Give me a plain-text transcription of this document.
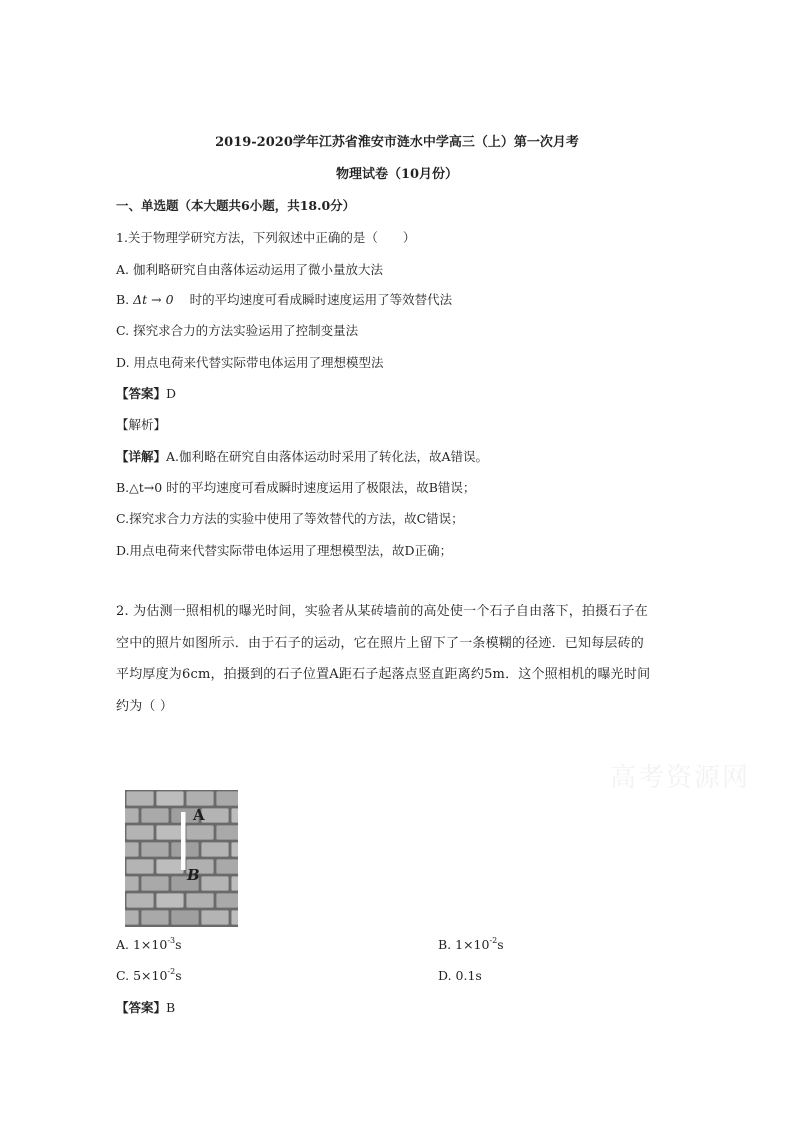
2019-2020学年江苏省淮安市涟水中学高三（上）第一次月考
物理试卷（10月份）
一、单选题（本大题共6小题，共18.0分）
1.关于物理学研究方法，下列叙述中正确的是（　　）
A. 伽利略研究自由落体运动运用了微小量放大法
B. Δt → 0 时的平均速度可看成瞬时速度运用了等效替代法
C. 探究求合力的方法实验运用了控制变量法
D. 用点电荷来代替实际带电体运用了理想模型法
【答案】D
【解析】
【详解】A.伽利略在研究自由落体运动时采用了转化法，故A错误。
B.△t→0 时的平均速度可看成瞬时速度运用了极限法，故B错误；
C.探究求合力方法的实验中使用了等效替代的方法，故C错误；
D.用点电荷来代替实际带电体运用了理想模型法，故D正确；
2. 为估测一照相机的曝光时间，实验者从某砖墙前的高处使一个石子自由落下，拍摄石子在
空中的照片如图所示．由于石子的运动，它在照片上留下了一条模糊的径迹．已知每层砖的
平均厚度为6cm，拍摄到的石子位置A距石子起落点竖直距离约5m．这个照相机的曝光时间
约为（ ）
高考资源网
A
B
A. $1\times 10^{-3}s$	B. $1\times 10^{-2}s$
C. $5\times 10^{-2}s$	D. 0.1s
【答案】B
